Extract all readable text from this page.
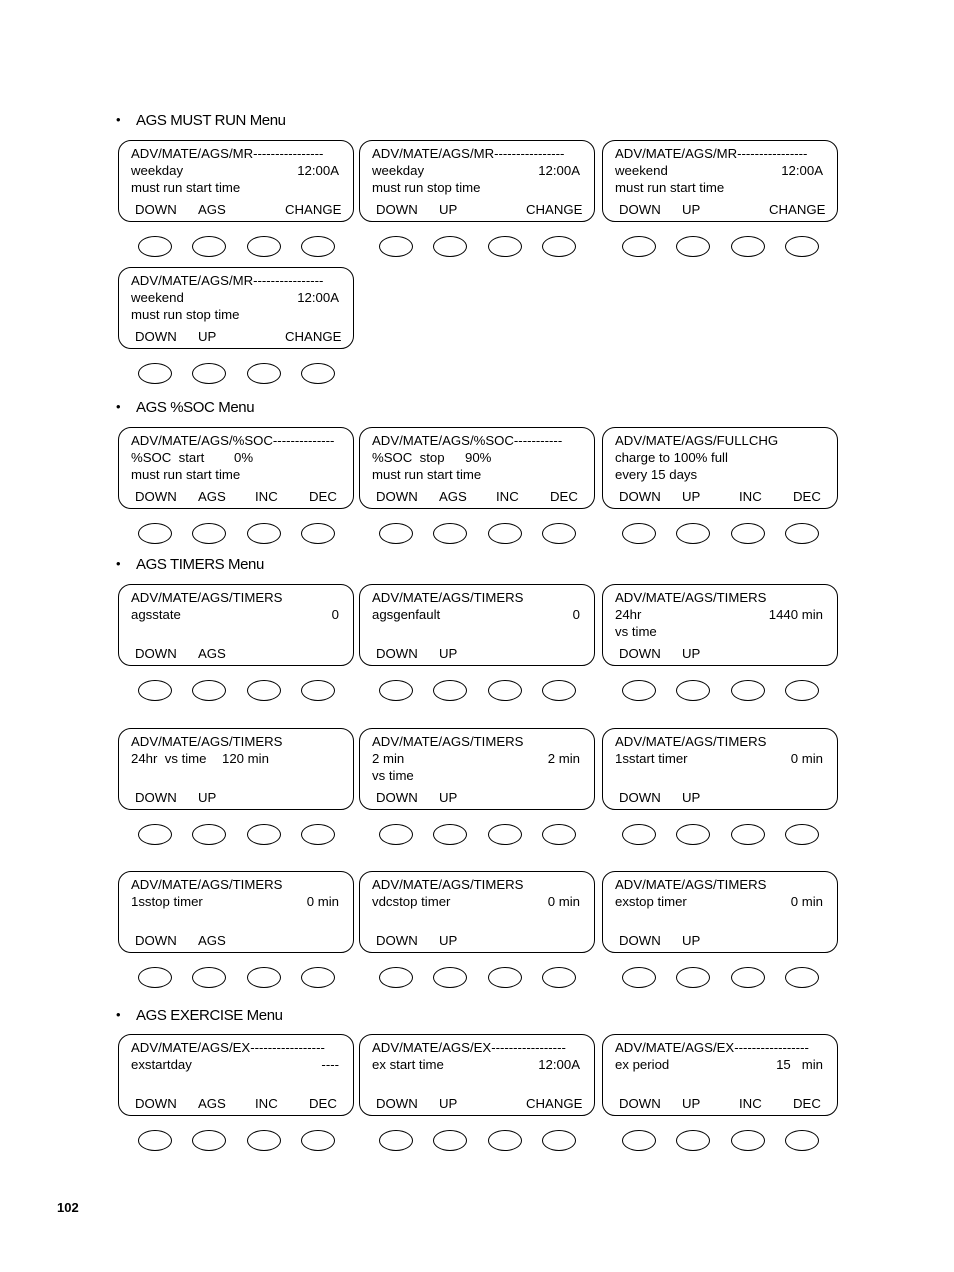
• AGS MUST RUN Menu
• AGS %SOC Menu
• AGS TIMERS Menu
• AGS EXERCISE Menu
ADV/MATE/AGS/MR----------------
weekday
must run start time
12:00A
DOWN AGS	CHANGE
ADV/MATE/AGS/MR----------------
weekday
must run stop time
12:00A
DOWN UP	CHANGE
ADV/MATE/AGS/MR----------------
weekend
must run start time
12:00A
DOWN UP	CHANGE
ADV/MATE/AGS/MR----------------
weekend
must run stop time
12:00A
DOWN UP	CHANGE
ADV/MATE/AGS/%SOC--------------
%SOC  start
must run start time
0%
DOWN AGS INC DEC
ADV/MATE/AGS/%SOC-----------
%SOC  stop
must run start time
90%
DOWN AGS INC DEC
ADV/MATE/AGS/FULLCHG
charge to 100% full
every 15 days
DOWN UP	INC DEC
ADV/MATE/AGS/TIMERS
agsstate	0
DOWN AGS
ADV/MATE/AGS/TIMERS
agsgenfault	0
DOWN UP
ADV/MATE/AGS/TIMERS
24hr
vs time
1440 min
DOWN UP
ADV/MATE/AGS/TIMERS
24hr  vs time 120 min
DOWN UP
ADV/MATE/AGS/TIMERS
2 min
vs time
2 min
DOWN UP
ADV/MATE/AGS/TIMERS
1sstart timer	0 min
DOWN UP
ADV/MATE/AGS/TIMERS
1sstop timer	0 min
DOWN AGS
ADV/MATE/AGS/TIMERS
vdcstop timer	0 min
DOWN UP
ADV/MATE/AGS/TIMERS
exstop timer	0 min
DOWN UP
ADV/MATE/AGS/EX-----------------
exstartday	----
DOWN AGS INC DEC
ADV/MATE/AGS/EX-----------------
ex start time	12:00A
DOWN UP	CHANGE
ADV/MATE/AGS/EX-----------------
ex period	15   min
DOWN UP	INC DEC
102
